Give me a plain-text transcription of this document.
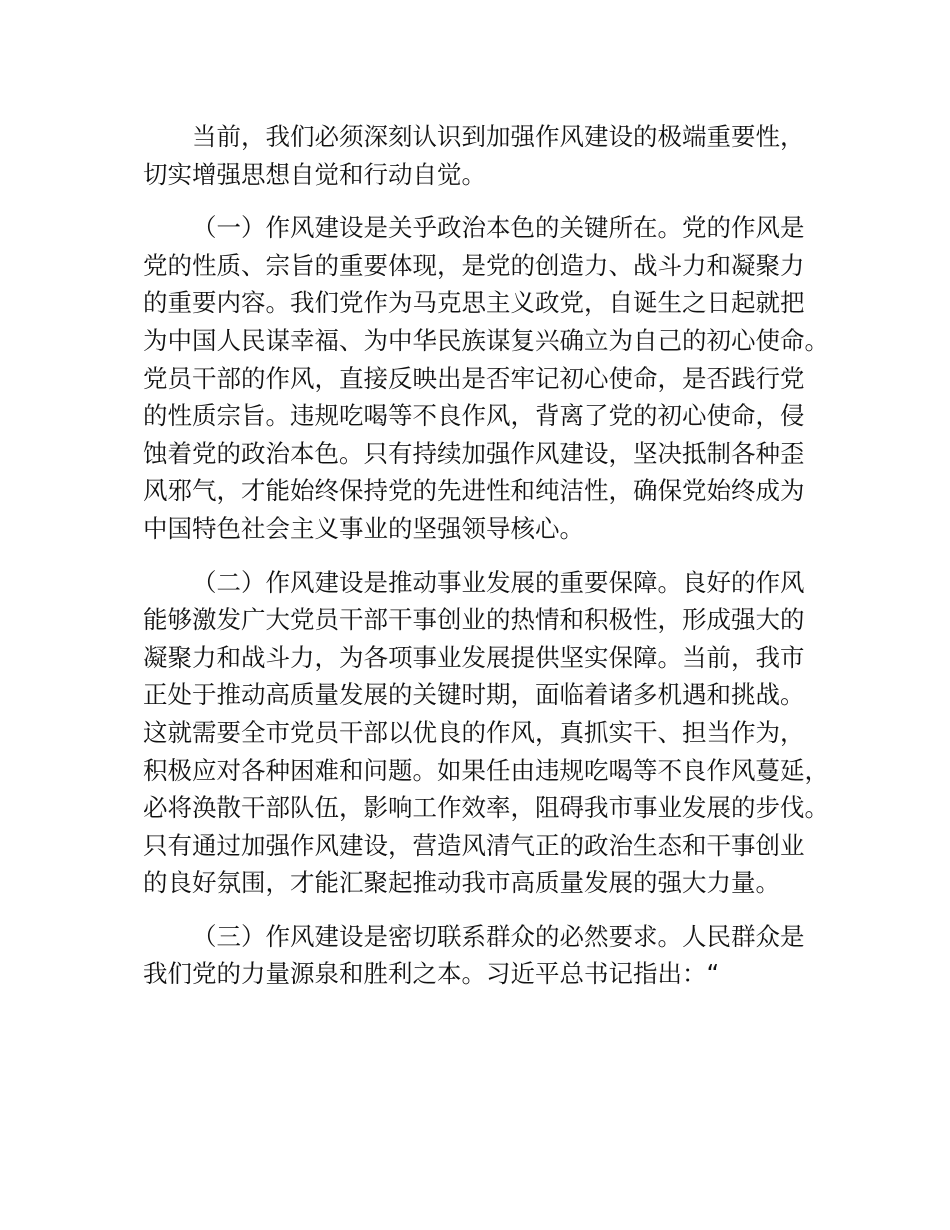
当前，我们必须深刻认识到加强作风建设的极端重要性，
切实增强思想自觉和行动自觉。
（一）作风建设是关乎政治本色的关键所在。党的作风是
党的性质、宗旨的重要体现，是党的创造力、战斗力和凝聚力
的重要内容。我们党作为马克思主义政党，自诞生之日起就把
为中国人民谋幸福、为中华民族谋复兴确立为自己的初心使命。
党员干部的作风，直接反映出是否牢记初心使命，是否践行党
的性质宗旨。违规吃喝等不良作风，背离了党的初心使命，侵
蚀着党的政治本色。只有持续加强作风建设，坚决抵制各种歪
风邪气，才能始终保持党的先进性和纯洁性，确保党始终成为
中国特色社会主义事业的坚强领导核心。
（二）作风建设是推动事业发展的重要保障。良好的作风
能够激发广大党员干部干事创业的热情和积极性，形成强大的
凝聚力和战斗力，为各项事业发展提供坚实保障。当前，我市
正处于推动高质量发展的关键时期，面临着诸多机遇和挑战。
这就需要全市党员干部以优良的作风，真抓实干、担当作为，
积极应对各种困难和问题。如果任由违规吃喝等不良作风蔓延，
必将涣散干部队伍，影响工作效率，阻碍我市事业发展的步伐。
只有通过加强作风建设，营造风清气正的政治生态和干事创业
的良好氛围，才能汇聚起推动我市高质量发展的强大力量。
（三）作风建设是密切联系群众的必然要求。人民群众是
我们党的力量源泉和胜利之本。习近平总书记指出：“
